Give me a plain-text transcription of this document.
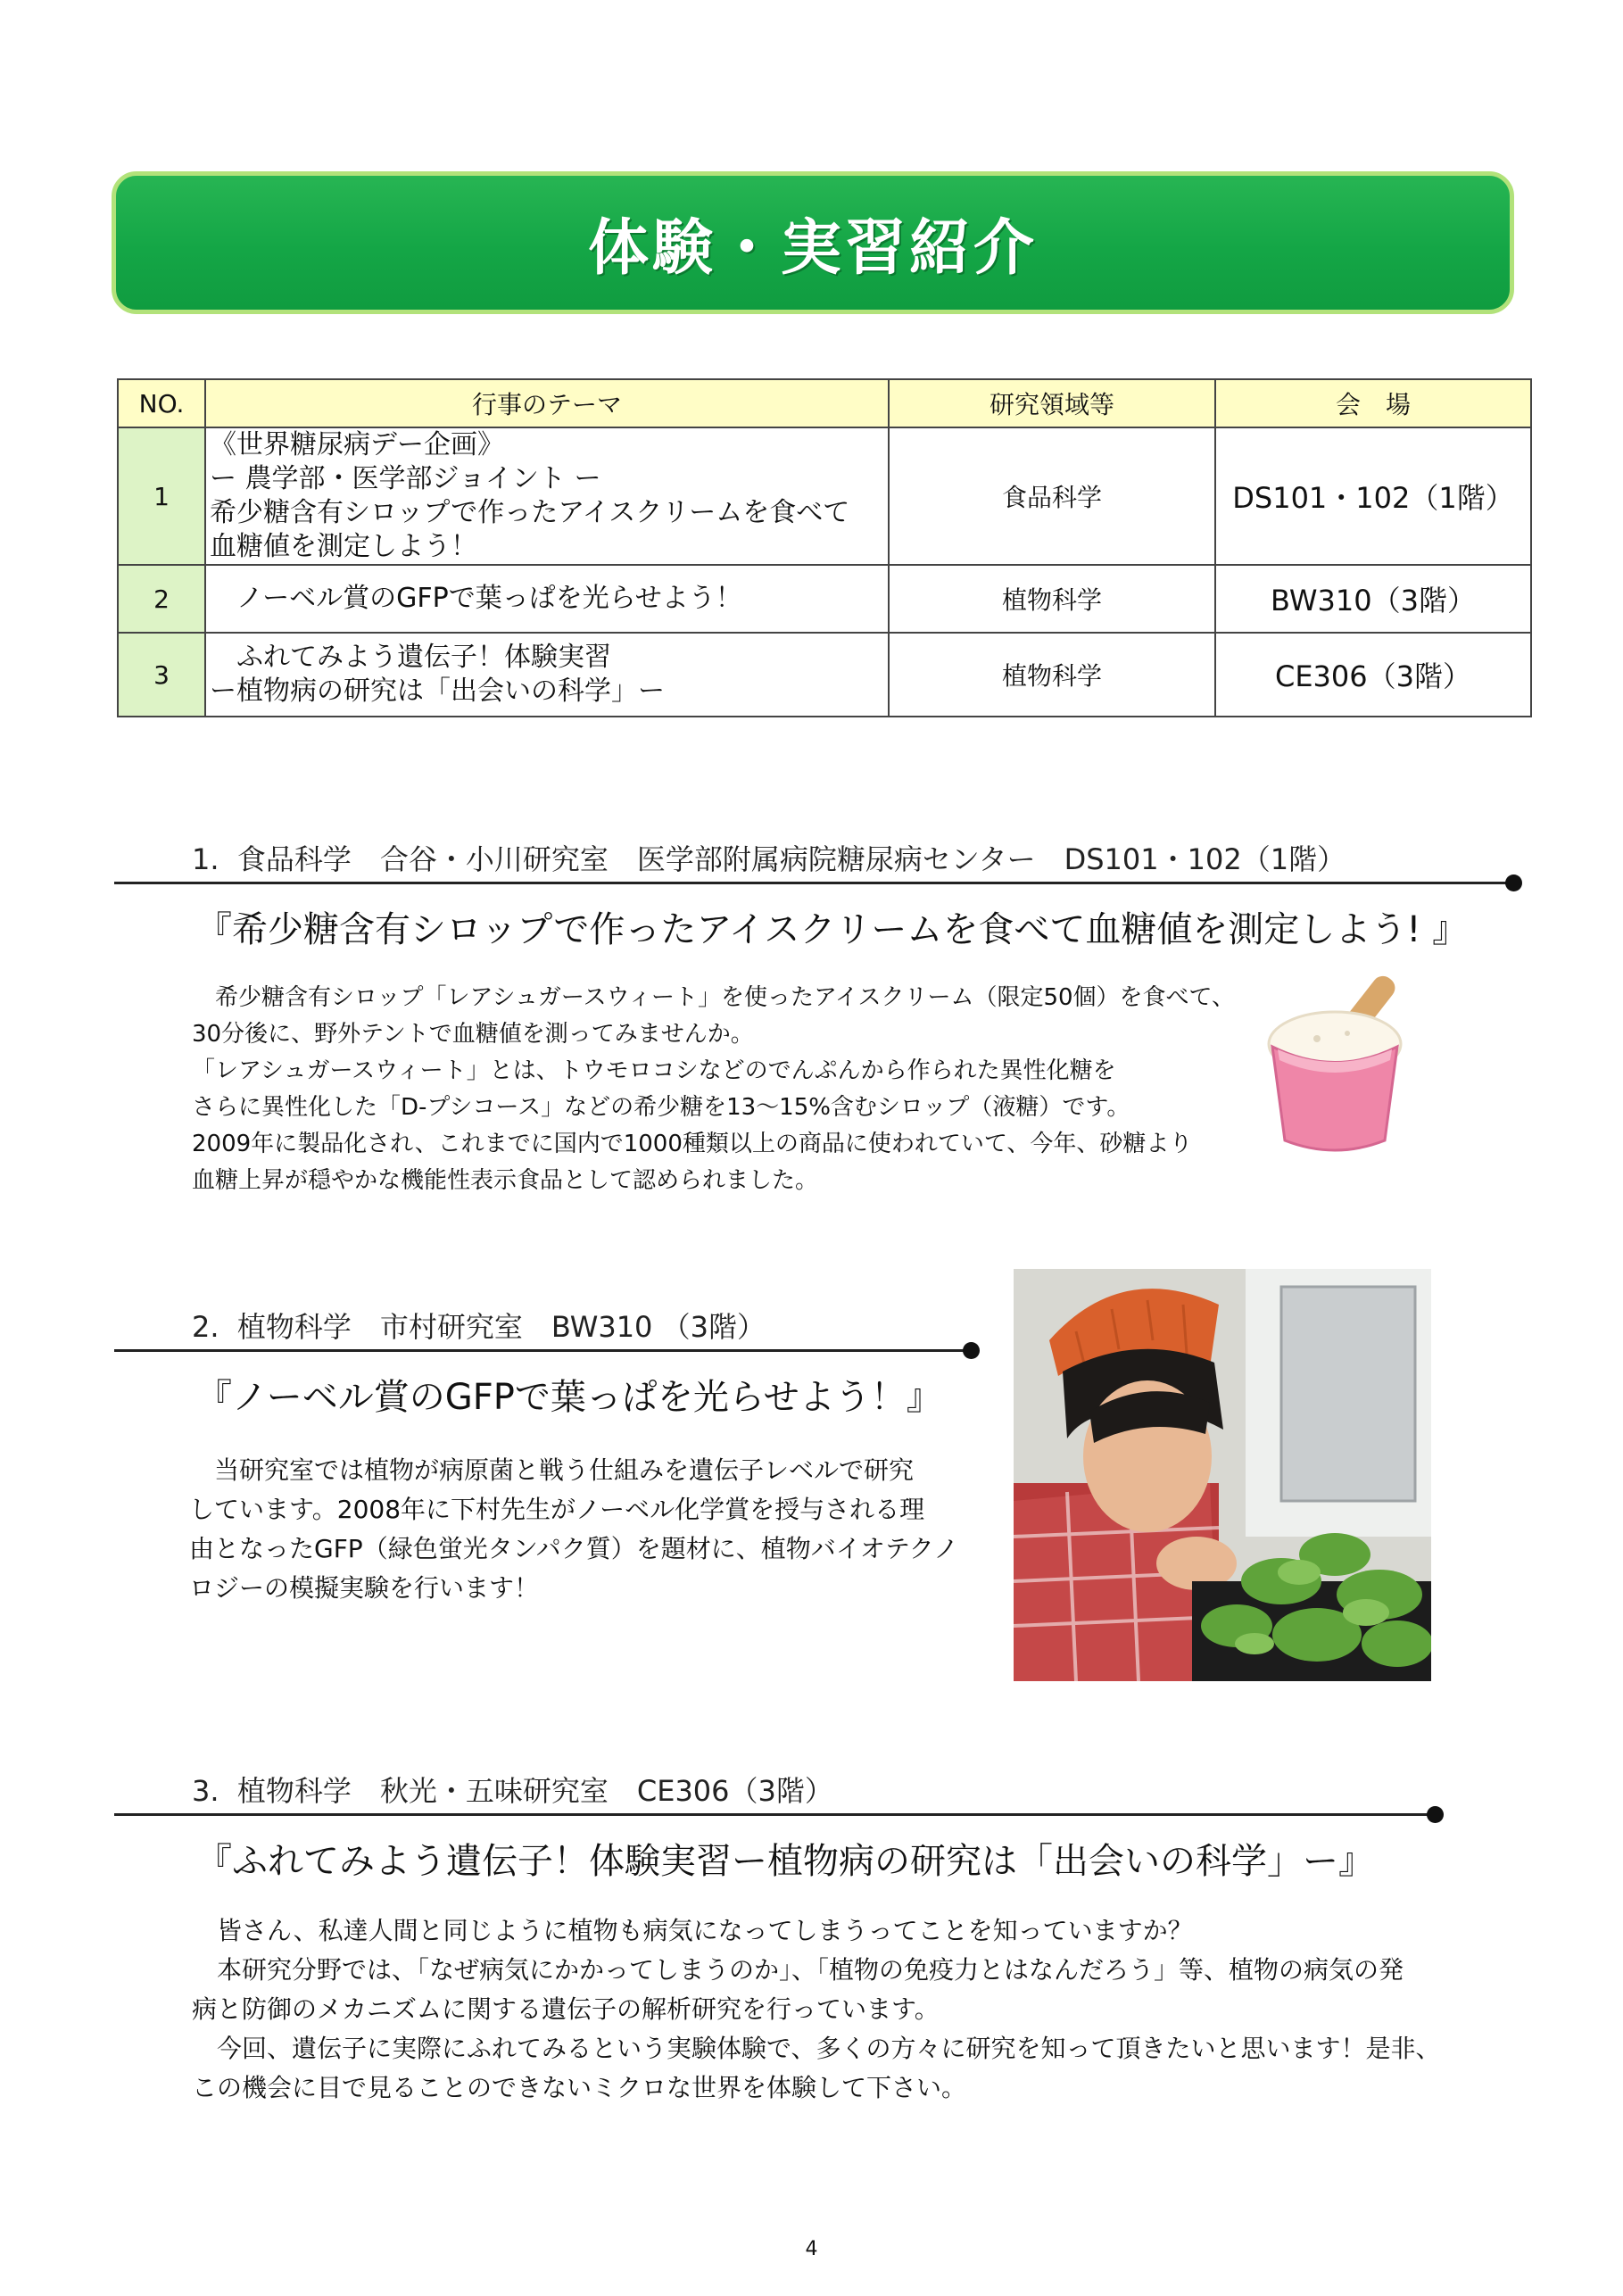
体験・実習紹介
NO.	行事のテーマ	研究領域等	会　場
1	《世界糖尿病デー企画》
ー 農学部・医学部ジョイント ー
希少糖含有シロップで作ったアイスクリームを食べて
血糖値を測定しよう！	食品科学	DS101・102（1階）
2	　ノーベル賞のGFPで葉っぱを光らせよう！	植物科学	BW310（3階）
3	　ふれてみよう遺伝子！体験実習
ー植物病の研究は「出会いの科学」ー	植物科学	CE306（3階）
1.  食品科学　合谷・小川研究室　医学部附属病院糖尿病センター　DS101・102（1階）
『希少糖含有シロップで作ったアイスクリームを食べて血糖値を測定しよう! 』
　希少糖含有シロップ「レアシュガースウィート」を使ったアイスクリーム（限定50個）を食べて、
30分後に、野外テントで血糖値を測ってみませんか。
「レアシュガースウィート」とは、トウモロコシなどのでんぷんから作られた異性化糖を
さらに異性化した「D-プシコース」などの希少糖を13～15%含むシロップ（液糖）です。
2009年に製品化され、これまでに国内で1000種類以上の商品に使われていて、今年、砂糖より
血糖上昇が穏やかな機能性表示食品として認められました。
2.  植物科学　市村研究室　BW310 （3階）
『ノーベル賞のGFPで葉っぱを光らせよう！』
　当研究室では植物が病原菌と戦う仕組みを遺伝子レベルで研究
しています。2008年に下村先生がノーベル化学賞を授与される理
由となったGFP（緑色蛍光タンパク質）を題材に、植物バイオテクノ
ロジーの模擬実験を行います！
3.  植物科学　秋光・五味研究室　CE306（3階）
『ふれてみよう遺伝子！体験実習ー植物病の研究は「出会いの科学」ー』
　皆さん、私達人間と同じように植物も病気になってしまうってことを知っていますか？
　本研究分野では、「なぜ病気にかかってしまうのか」、「植物の免疫力とはなんだろう」等、植物の病気の発
病と防御のメカニズムに関する遺伝子の解析研究を行っています。
　今回、遺伝子に実際にふれてみるという実験体験で、多くの方々に研究を知って頂きたいと思います！是非、
この機会に目で見ることのできないミクロな世界を体験して下さい。
4
